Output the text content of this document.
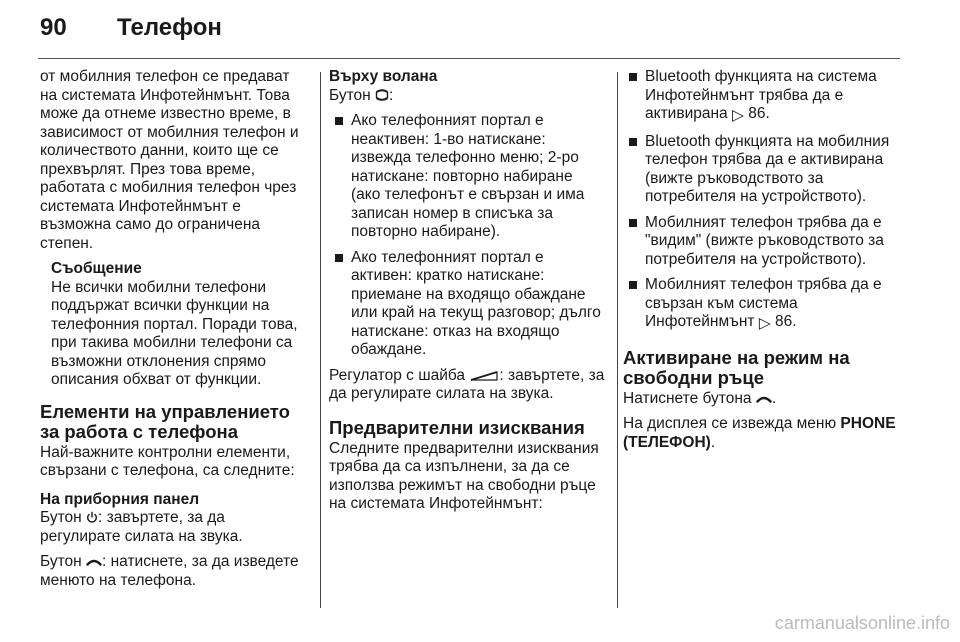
90 Телефон

от мобилния телефон се предават на системата Инфотейнмънт. Това може да отнеме известно време, в зависимост от мобилния телефон и количеството данни, които ще се прехвърлят. През това време, работата с мобилния телефон чрез системата Инфотейнмънт е възможна само до ограничена степен.

Съобщение
Не всички мобилни телефони поддържат всички функции на телефонния портал. Поради това, при такива мобилни телефони са възможни отклонения спрямо описания обхват от функции.
Елементи на управлението за работа с телефона

Най-важните контролни елементи, свързани с телефона, са следните:

На приборния панел

Бутон : завъртете, за да регулирате силата на звука.

Бутон : натиснете, за да изведете менюто на телефона.

Върху волана

Бутон :

Ако телефонният портал е неактивен: 1-во натискане: извежда телефонно меню; 2-ро натискане: повторно набиране (ако телефонът е свързан и има записан номер в списъка за повторно набиране).
Ако телефонният портал е активен: кратко натискане: приемане на входящо обаждане или край на текущ разговор; дълго натискане: отказ на входящо обаждане.

Регулатор с шайба : завъртете, за да регулирате силата на звука.

Предварителни изисквания

Следните предварителни изисквания трябва да са изпълнени, за да се използва режимът на свободни ръце на системата Инфотейнмънт:

Bluetooth функцията на система Инфотейнмънт трябва да е активирана ▷ 86.
Bluetooth функцията на мобилния телефон трябва да е активирана (вижте ръководството за потребителя на устройството).
Мобилният телефон трябва да е "видим" (вижте ръководството за потребителя на устройството).
Мобилният телефон трябва да е свързан към система Инфотейнмънт ▷ 86.
Активиране на режим на свободни ръце

Натиснете бутона .

На дисплея се извежда меню PHONE (ТЕЛЕФОН).

carmanualsonline.info
